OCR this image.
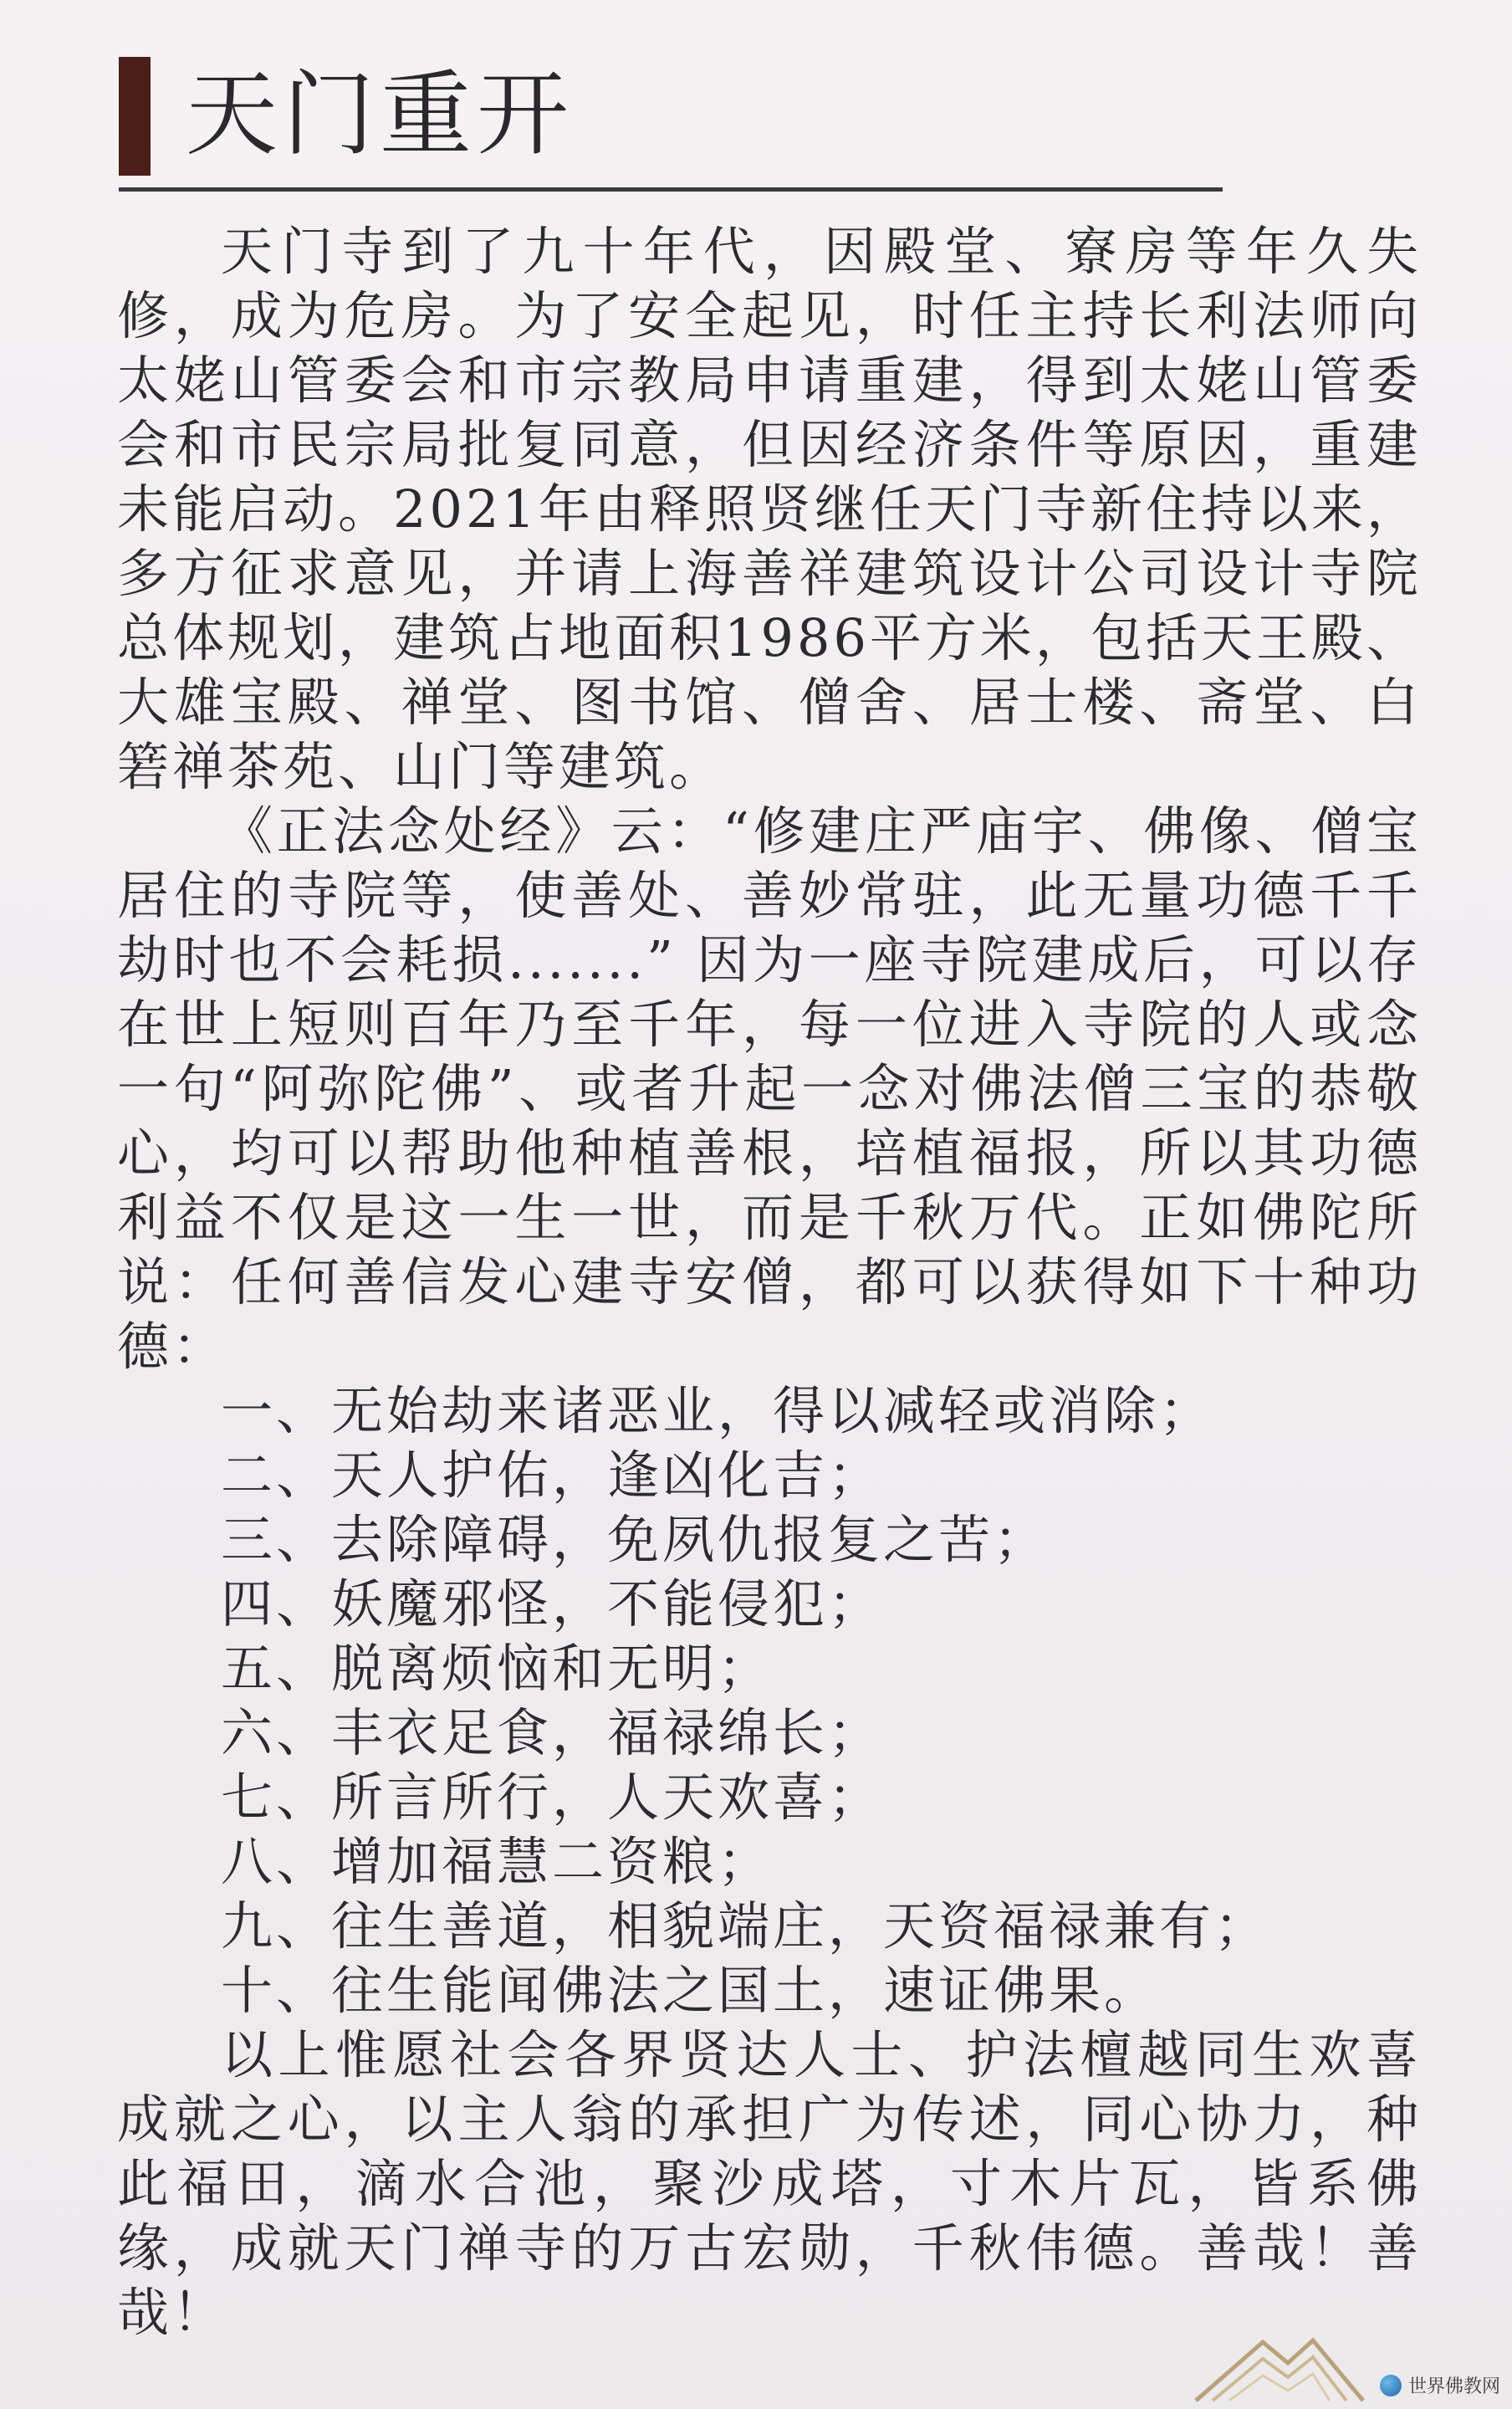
天门重开

天门寺到了九十年代，因殿堂、寮房等年久失修，成为危房。为了安全起见，时任主持长利法师向太姥山管委会和市宗教局申请重建，得到太姥山管委会和市民宗局批复同意，但因经济条件等原因，重建未能启动。2021年由释照贤继任天门寺新住持以来，多方征求意见，并请上海善祥建筑设计公司设计寺院总体规划，建筑占地面积1986平方米，包括天王殿、大雄宝殿、禅堂、图书馆、僧舍、居士楼、斋堂、白箬禅茶苑、山门等建筑。

《正法念处经》云：“修建庄严庙宇、佛像、僧宝居住的寺院等，使善处、善妙常驻，此无量功德千千劫时也不会耗损.......” 因为一座寺院建成后，可以存在世上短则百年乃至千年，每一位进入寺院的人或念一句“阿弥陀佛”、或者升起一念对佛法僧三宝的恭敬心，均可以帮助他种植善根，培植福报，所以其功德利益不仅是这一生一世，而是千秋万代。正如佛陀所说：任何善信发心建寺安僧，都可以获得如下十种功德：

一、无始劫来诸恶业，得以减轻或消除；
二、天人护佑，逢凶化吉；
三、去除障碍，免夙仇报复之苦；
四、妖魔邪怪，不能侵犯；
五、脱离烦恼和无明；
六、丰衣足食，福禄绵长；
七、所言所行，人天欢喜；
八、增加福慧二资粮；
九、往生善道，相貌端庄，天资福禄兼有；
十、往生能闻佛法之国土，速证佛果。

以上惟愿社会各界贤达人士、护法檀越同生欢喜成就之心，以主人翁的承担广为传述，同心协力，种此福田，滴水合池，聚沙成塔，寸木片瓦，皆系佛缘，成就天门禅寺的万古宏勋，千秋伟德。善哉！善哉！

世界佛教网
